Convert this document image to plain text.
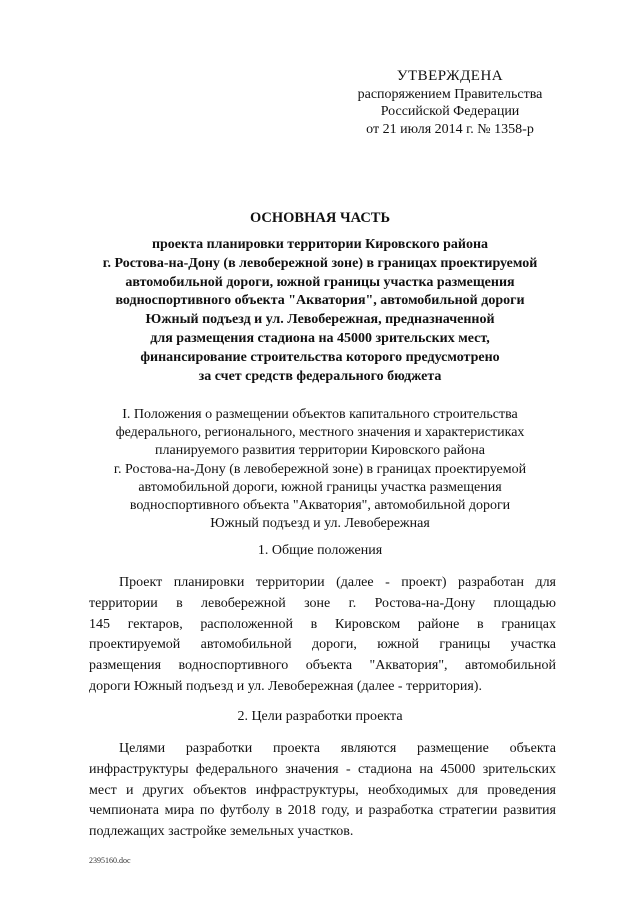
УТВЕРЖДЕНА
распоряжением Правительства
Российской Федерации
от 21 июля 2014 г. № 1358-р
ОСНОВНАЯ ЧАСТЬ
проекта планировки территории Кировского района
г. Ростова-на-Дону (в левобережной зоне) в границах проектируемой
автомобильной дороги, южной границы участка размещения
водноспортивного объекта "Акватория", автомобильной дороги
Южный подъезд и ул. Левобережная, предназначенной
для размещения стадиона на 45000 зрительских мест,
финансирование строительства которого предусмотрено
за счет средств федерального бюджета
I. Положения о размещении объектов капитального строительства
федерального, регионального, местного значения и характеристиках
планируемого развития территории Кировского района
г. Ростова-на-Дону (в левобережной зоне) в границах проектируемой
автомобильной дороги, южной границы участка размещения
водноспортивного объекта "Акватория", автомобильной дороги
Южный подъезд и ул. Левобережная
1. Общие положения
Проект планировки территории (далее - проект) разработан для
территории в левобережной зоне г. Ростова-на-Дону площадью
145 гектаров, расположенной в Кировском районе в границах
проектируемой автомобильной дороги, южной границы участка
размещения водноспортивного объекта "Акватория", автомобильной
дороги Южный подъезд и ул. Левобережная (далее - территория).
2. Цели разработки проекта
Целями разработки проекта являются размещение объекта
инфраструктуры федерального значения - стадиона на 45000 зрительских
мест и других объектов инфраструктуры, необходимых для проведения
чемпионата мира по футболу в 2018 году, и разработка стратегии развития
подлежащих застройке земельных участков.
2395160.doc
